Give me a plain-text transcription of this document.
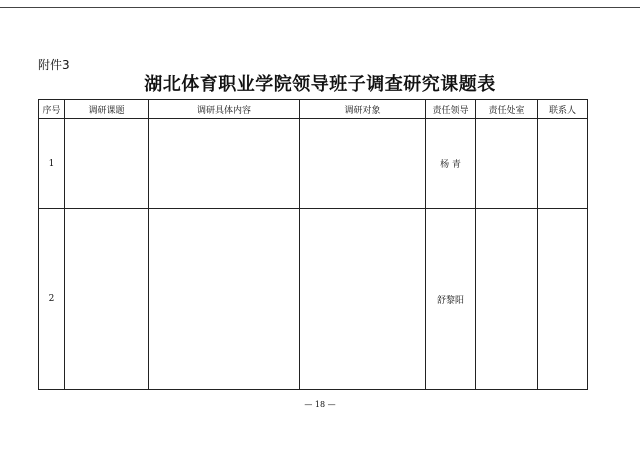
附件3
湖北体育职业学院领导班子调查研究课题表
序号	调研课题	调研具体内容	调研对象	责任领导	责任处室	联系人
1				杨 青		
2				舒黎阳		
— 18 —
